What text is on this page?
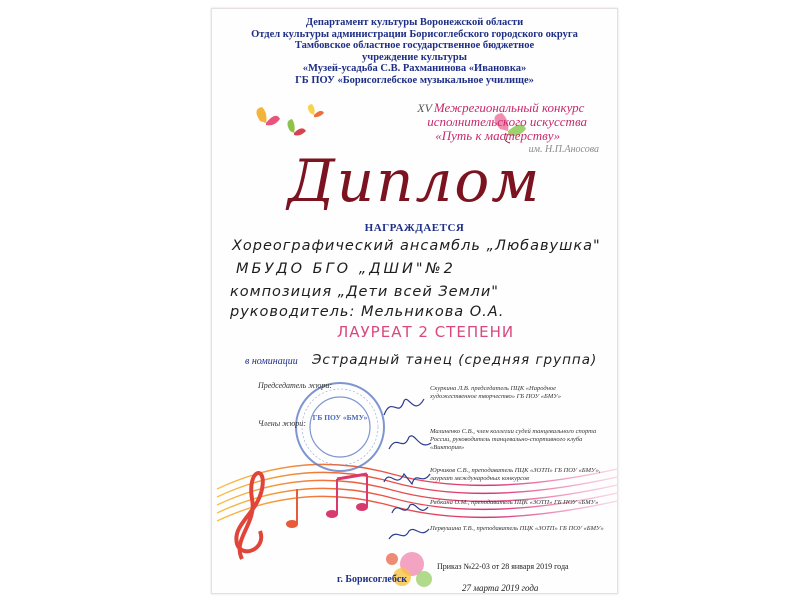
Департамент культуры Воронежской области
Отдел культуры администрации Борисоглебского городского округа
Тамбовское областное государственное бюджетное
учреждение культуры
«Музей-усадьба С.В. Рахманинова «Ивановка»
ГБ ПОУ «Борисоглебское музыкальное училище»
XV Межрегиональный конкурс
исполнительского искусства
«Путь к мастерству»
им. Н.П.Аносова
Диплом
НАГРАЖДАЕТСЯ
Хореографический ансамбль „Любавушка"
МБУДО БГО „ДШИ"№2
композиция „Дети всей Земли"
руководитель: Мельникова О.А.
ЛАУРЕАТ 2 СТЕПЕНИ
в номинации Эстрадный танец (средняя группа)
ГБ ПОУ «БМУ»
Председатель жюри:	Скуркина Л.В. председатель ПЦК «Народное художественное творчество» ГБ ПОУ «БМУ»
Члены жюри:
Малиненко С.В., член коллегии судей танцевального спорта России, руководитель танцевально-спортивного клуба «Виктория»
Юрчиков С.В., преподаватель ПЦК «ЗОТП» ГБ ПОУ «БМУ», лауреат международных конкурсов
Рябкина О.М., преподаватель ПЦК «ЗОТП» ГБ ПОУ «БМУ»
Первушина Т.В., преподаватель ПЦК «ЗОТП» ГБ ПОУ «БМУ»
Приказ №22-03 от 28 января 2019 года
г. Борисоглебск
27 марта 2019 года
